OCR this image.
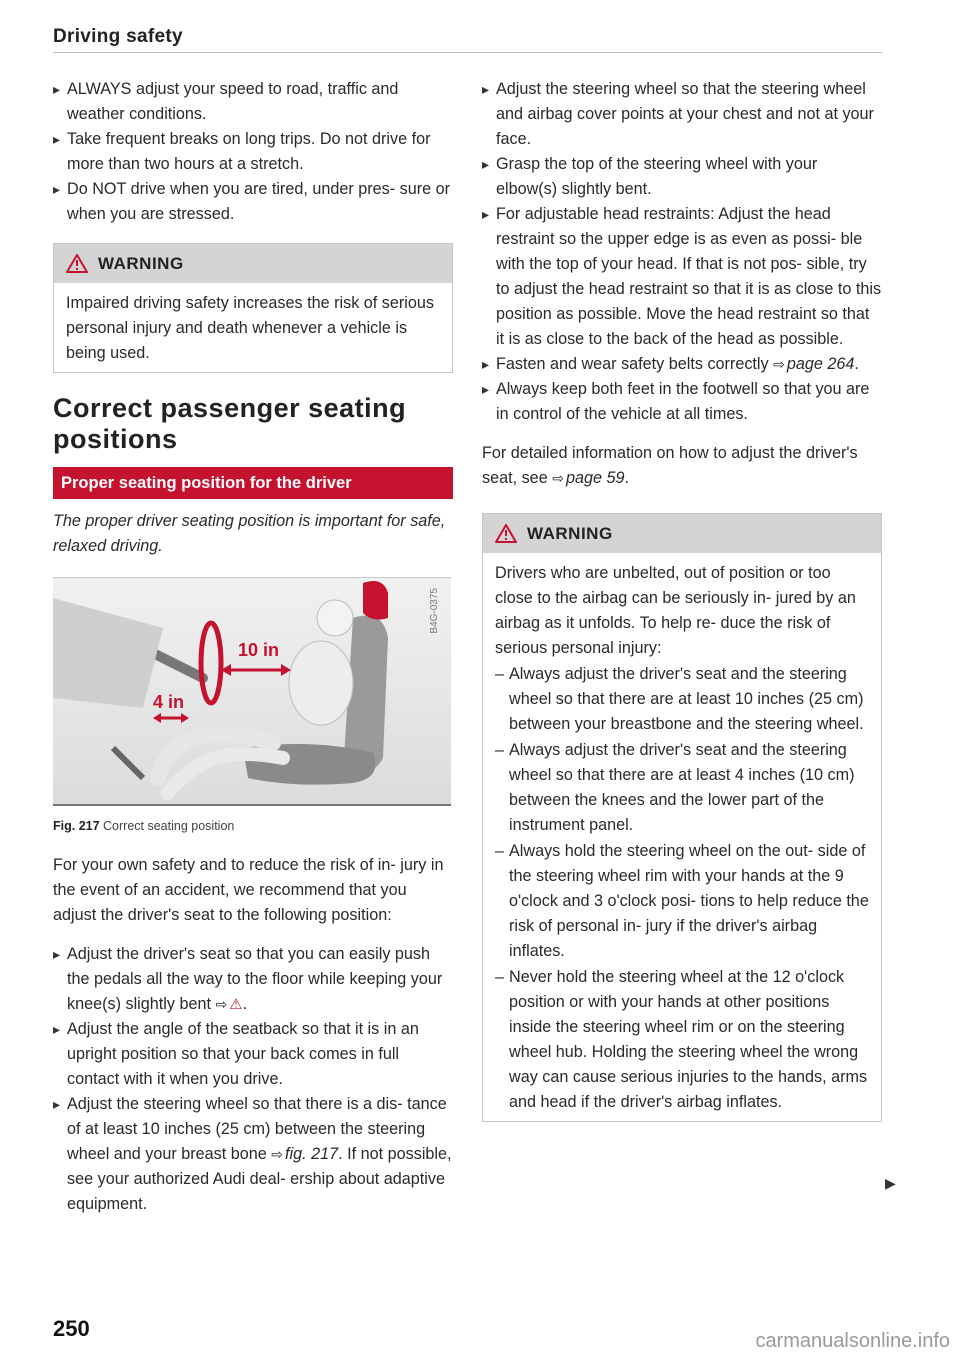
Driving safety
▸ ALWAYS adjust your speed to road, traffic and weather conditions.
▸ Take frequent breaks on long trips. Do not drive for more than two hours at a stretch.
▸ Do NOT drive when you are tired, under pres- sure or when you are stressed.
WARNING

Impaired driving safety increases the risk of serious personal injury and death whenever a vehicle is being used.

Correct passenger seating positions
Proper seating position for the driver
The proper driver seating position is important for safe, relaxed driving.
10 in
4 in
B4G-0375
Fig. 217 Correct seating position
For your own safety and to reduce the risk of in- jury in the event of an accident, we recommend that you adjust the driver's seat to the following position:
▸ Adjust the driver's seat so that you can easily push the pedals all the way to the floor while keeping your knee(s) slightly bent ⇨ ⚠.
▸ Adjust the angle of the seatback so that it is in an upright position so that your back comes in full contact with it when you drive.
▸ Adjust the steering wheel so that there is a dis- tance of at least 10 inches (25 cm) between the steering wheel and your breast bone ⇨ fig. 217. If not possible, see your authorized Audi deal- ership about adaptive equipment.
▸ Adjust the steering wheel so that the steering wheel and airbag cover points at your chest and not at your face.
▸ Grasp the top of the steering wheel with your elbow(s) slightly bent.
▸ For adjustable head restraints: Adjust the head restraint so the upper edge is as even as possi- ble with the top of your head. If that is not pos- sible, try to adjust the head restraint so that it is as close to this position as possible. Move the head restraint so that it is as close to the back of the head as possible.
▸ Fasten and wear safety belts correctly ⇨ page 264.
▸ Always keep both feet in the footwell so that you are in control of the vehicle at all times.
For detailed information on how to adjust the driver's seat, see ⇨ page 59.
WARNING

Drivers who are unbelted, out of position or too close to the airbag can be seriously in- jured by an airbag as it unfolds. To help re- duce the risk of serious personal injury:

– Always adjust the driver's seat and the steering wheel so that there are at least 10 inches (25 cm) between your breastbone and the steering wheel.
– Always adjust the driver's seat and the steering wheel so that there are at least 4 inches (10 cm) between the knees and the lower part of the instrument panel.
– Always hold the steering wheel on the out- side of the steering wheel rim with your hands at the 9 o'clock and 3 o'clock posi- tions to help reduce the risk of personal in- jury if the driver's airbag inflates.
– Never hold the steering wheel at the 12 o'clock position or with your hands at other positions inside the steering wheel rim or on the steering wheel hub. Holding the steering wheel the wrong way can cause serious injuries to the hands, arms and head if the driver's airbag inflates.
▶
250	carmanualsonline.info
